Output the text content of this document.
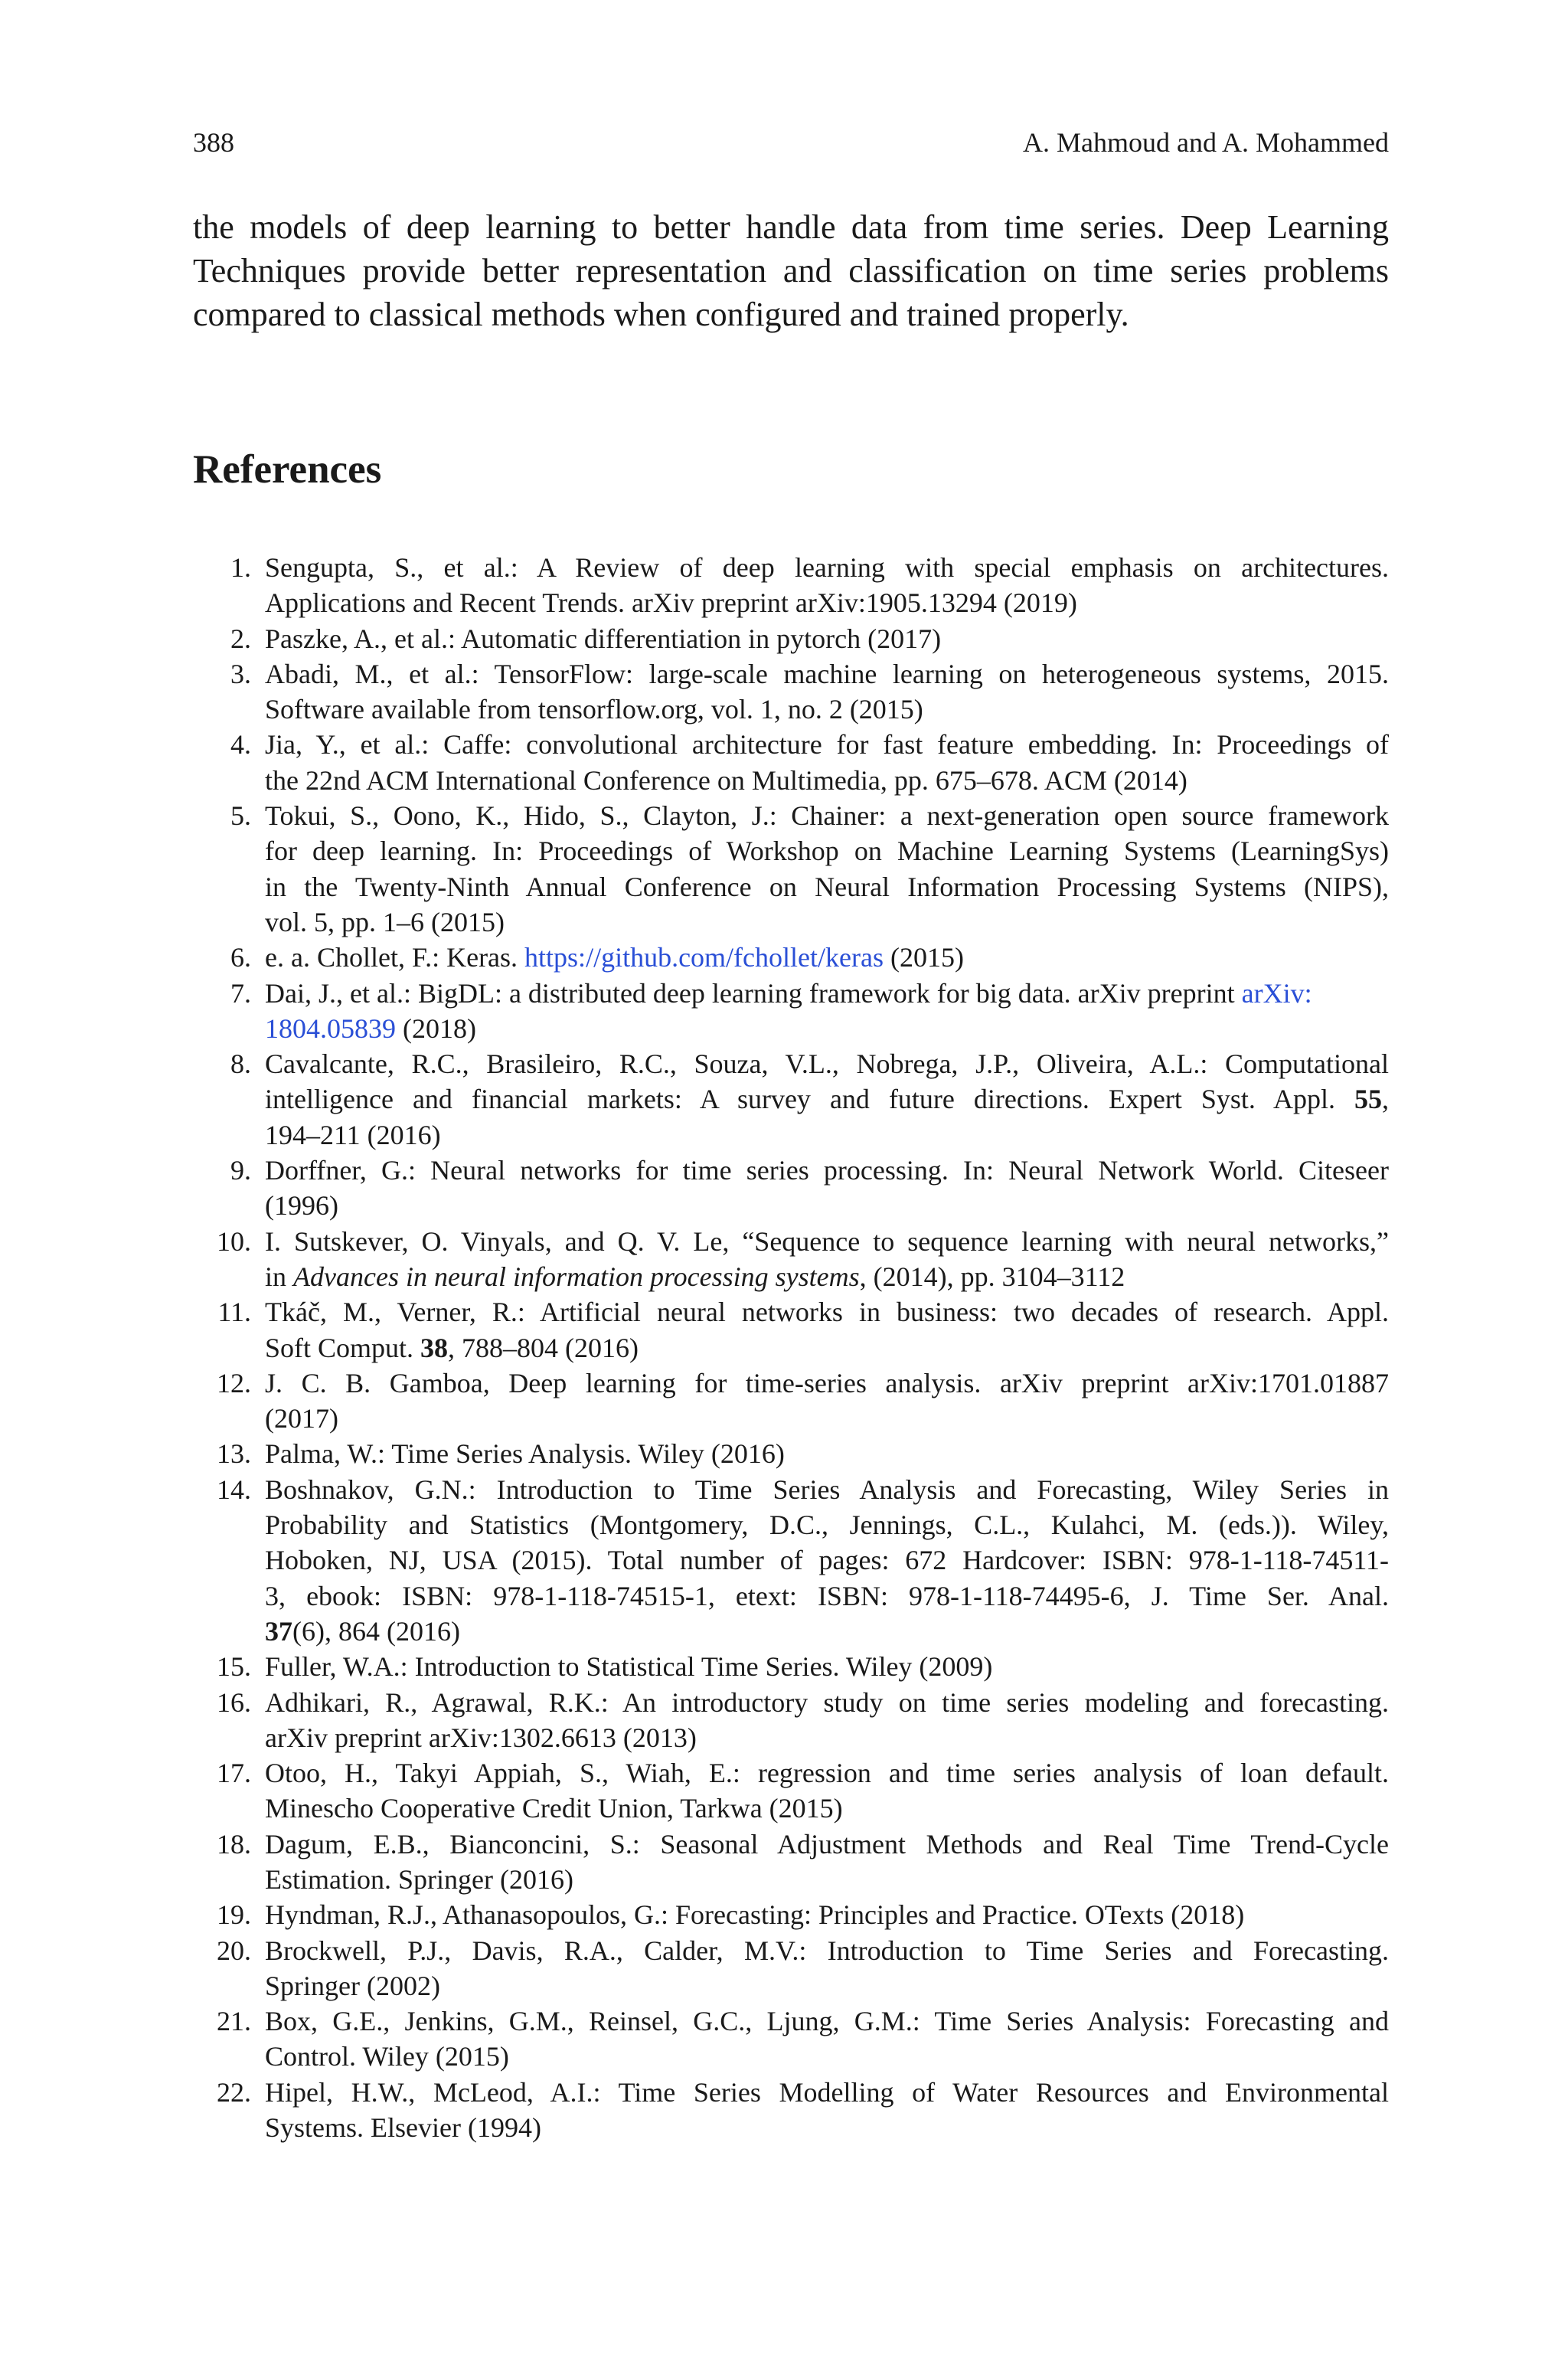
388	A. Mahmoud and A. Mohammed

the models of deep learning to better handle data from time series. Deep Learning
Techniques provide better representation and classification on time series problems
compared to classical methods when configured and trained properly.

References
1. Sengupta, S., et al.: A Review of deep learning with special emphasis on architectures.
Applications and Recent Trends. arXiv preprint arXiv:1905.13294 (2019)
2. Paszke, A., et al.: Automatic differentiation in pytorch (2017)
3. Abadi, M., et al.: TensorFlow: large-scale machine learning on heterogeneous systems, 2015.
Software available from tensorflow.org, vol. 1, no. 2 (2015)
4. Jia, Y., et al.: Caffe: convolutional architecture for fast feature embedding. In: Proceedings of
the 22nd ACM International Conference on Multimedia, pp. 675–678. ACM (2014)
5. Tokui, S., Oono, K., Hido, S., Clayton, J.: Chainer: a next-generation open source framework
for deep learning. In: Proceedings of Workshop on Machine Learning Systems (LearningSys)
in the Twenty-Ninth Annual Conference on Neural Information Processing Systems (NIPS),
vol. 5, pp. 1–6 (2015)
6. e. a. Chollet, F.: Keras. https://github.com/fchollet/keras (2015)
7. Dai, J., et al.: BigDL: a distributed deep learning framework for big data. arXiv preprint arXiv:
1804.05839 (2018)
8. Cavalcante, R.C., Brasileiro, R.C., Souza, V.L., Nobrega, J.P., Oliveira, A.L.: Computational
intelligence and financial markets: A survey and future directions. Expert Syst. Appl. 55,
194–211 (2016)
9. Dorffner, G.: Neural networks for time series processing. In: Neural Network World. Citeseer
(1996)
10. I. Sutskever, O. Vinyals, and Q. V. Le, “Sequence to sequence learning with neural networks,”
in Advances in neural information processing systems, (2014), pp. 3104–3112
11. Tkáč, M., Verner, R.: Artificial neural networks in business: two decades of research. Appl.
Soft Comput. 38, 788–804 (2016)
12. J. C. B. Gamboa, Deep learning for time-series analysis. arXiv preprint arXiv:1701.01887
(2017)
13. Palma, W.: Time Series Analysis. Wiley (2016)
14. Boshnakov, G.N.: Introduction to Time Series Analysis and Forecasting, Wiley Series in
Probability and Statistics (Montgomery, D.C., Jennings, C.L., Kulahci, M. (eds.)). Wiley,
Hoboken, NJ, USA (2015). Total number of pages: 672 Hardcover: ISBN: 978-1-118-74511-
3, ebook: ISBN: 978-1-118-74515-1, etext: ISBN: 978-1-118-74495-6, J. Time Ser. Anal.
37(6), 864 (2016)
15. Fuller, W.A.: Introduction to Statistical Time Series. Wiley (2009)
16. Adhikari, R., Agrawal, R.K.: An introductory study on time series modeling and forecasting.
arXiv preprint arXiv:1302.6613 (2013)
17. Otoo, H., Takyi Appiah, S., Wiah, E.: regression and time series analysis of loan default.
Minescho Cooperative Credit Union, Tarkwa (2015)
18. Dagum, E.B., Bianconcini, S.: Seasonal Adjustment Methods and Real Time Trend-Cycle
Estimation. Springer (2016)
19. Hyndman, R.J., Athanasopoulos, G.: Forecasting: Principles and Practice. OTexts (2018)
20. Brockwell, P.J., Davis, R.A., Calder, M.V.: Introduction to Time Series and Forecasting.
Springer (2002)
21. Box, G.E., Jenkins, G.M., Reinsel, G.C., Ljung, G.M.: Time Series Analysis: Forecasting and
Control. Wiley (2015)
22. Hipel, H.W., McLeod, A.I.: Time Series Modelling of Water Resources and Environmental
Systems. Elsevier (1994)
